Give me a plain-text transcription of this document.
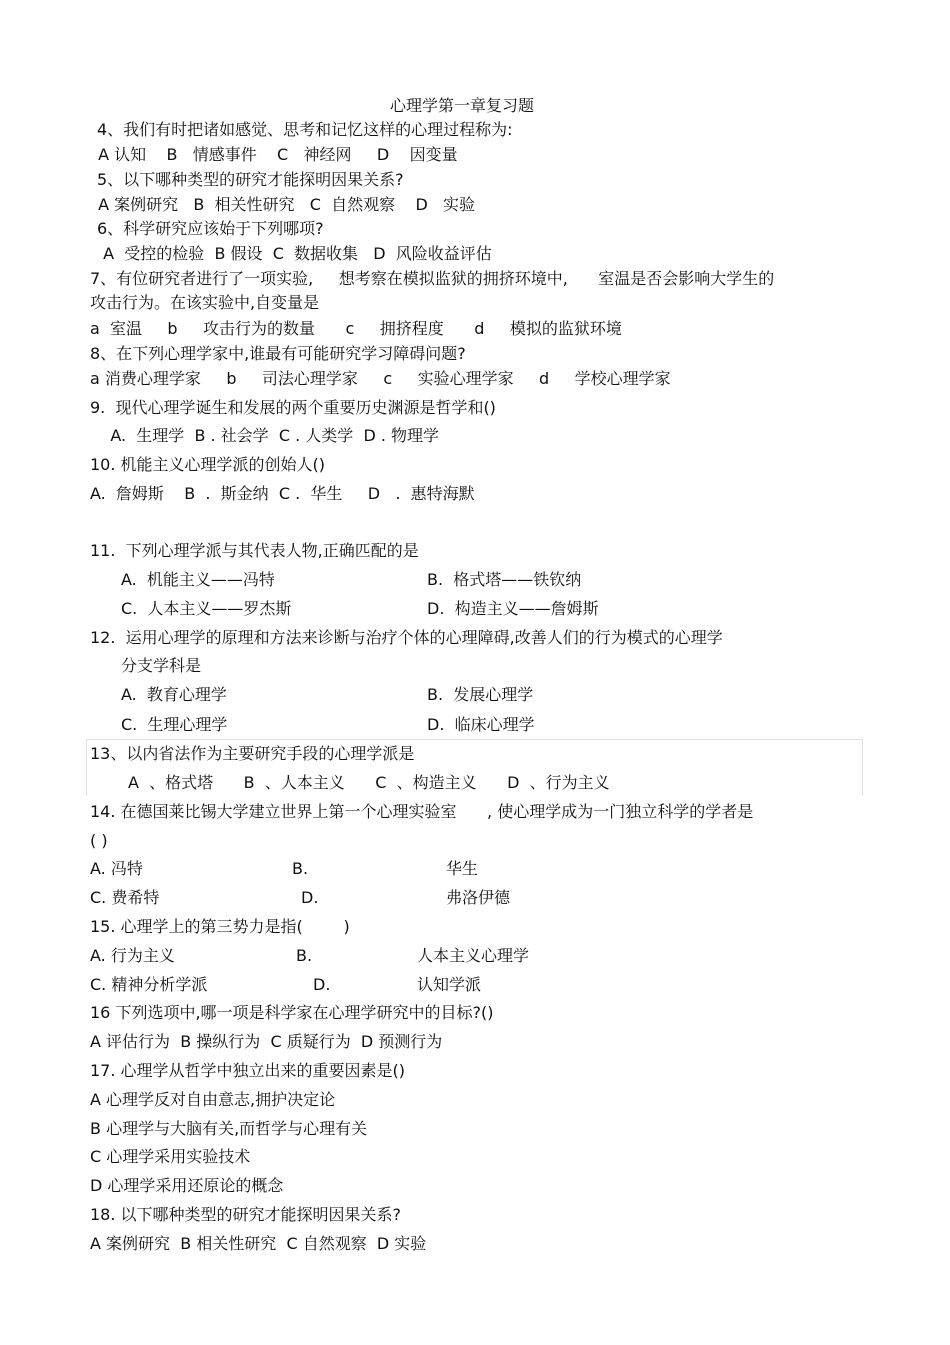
心理学第一章复习题
4、我们有时把诸如感觉、思考和记忆这样的心理过程称为:
A 认知    B   情感事件    C   神经网     D    因变量
5、以下哪种类型的研究才能探明因果关系?
A 案例研究   B  相关性研究   C  自然观察    D   实验
6、科学研究应该始于下列哪项?
A  受控的检验  B 假设  C  数据收集   D  风险收益评估
7、有位研究者进行了一项实验,     想考察在模拟监狱的拥挤环境中,      室温是否会影响大学生的
攻击行为。在该实验中,自变量是
a  室温     b     攻击行为的数量      c     拥挤程度      d     模拟的监狱环境
8、在下列心理学家中,谁最有可能研究学习障碍问题?
a 消费心理学家     b     司法心理学家     c     实验心理学家     d     学校心理学家
9.  现代心理学诞生和发展的两个重要历史渊源是哲学和()
A.  生理学  B . 社会学  C . 人类学  D . 物理学
10. 机能主义心理学派的创始人()
A.  詹姆斯    B  .  斯金纳  C .  华生     D   .  惠特海默
11.  下列心理学派与其代表人物,正确匹配的是
A.  机能主义——冯特	B.  格式塔——铁钦纳
C.  人本主义——罗杰斯	D.  构造主义——詹姆斯
12.  运用心理学的原理和方法来诊断与治疗个体的心理障碍,改善人们的行为模式的心理学
分支学科是
A.  教育心理学	B.  发展心理学
C.  生理心理学	D.  临床心理学
13、以内省法作为主要研究手段的心理学派是
A  、格式塔      B  、人本主义      C  、构造主义      D  、行为主义
14. 在德国莱比锡大学建立世界上第一个心理实验室      , 使心理学成为一门独立科学的学者是
( )
A. 冯特	B.	华生
C. 费希特	D.	弗洛伊德
15. 心理学上的第三势力是指(        )
A. 行为主义	B.	人本主义心理学
C. 精神分析学派	D.	认知学派
16 下列选项中,哪一项是科学家在心理学研究中的目标?()
A 评估行为  B 操纵行为  C 质疑行为  D 预测行为
17. 心理学从哲学中独立出来的重要因素是()
A 心理学反对自由意志,拥护决定论
B 心理学与大脑有关,而哲学与心理有关
C 心理学采用实验技术
D 心理学采用还原论的概念
18. 以下哪种类型的研究才能探明因果关系?
A 案例研究  B 相关性研究  C 自然观察  D 实验
